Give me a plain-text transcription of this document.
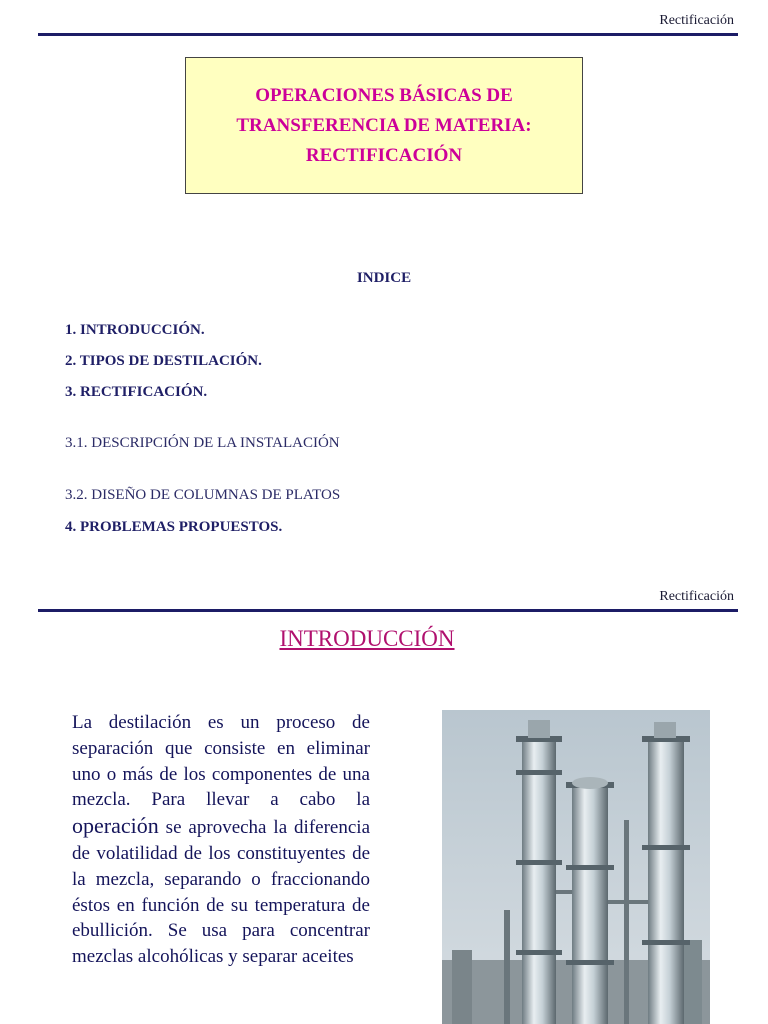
Rectificación
OPERACIONES BÁSICAS DE
TRANSFERENCIA DE MATERIA:
RECTIFICACIÓN
INDICE
1. INTRODUCCIÓN.
2. TIPOS DE DESTILACIÓN.
3. RECTIFICACIÓN.
3.1. DESCRIPCIÓN DE LA INSTALACIÓN
3.2. DISEÑO DE COLUMNAS DE PLATOS
4. PROBLEMAS PROPUESTOS.
Rectificación
INTRODUCCIÓN
La destilación es un proceso de separación que consiste en eliminar uno o más de los componentes de una mezcla. Para llevar a cabo la operación se aprovecha la diferencia de volatilidad de los constituyentes de la mezcla, separando o fraccionando éstos en función de su temperatura de ebullición. Se usa para concentrar mezclas alcohólicas y separar aceites
